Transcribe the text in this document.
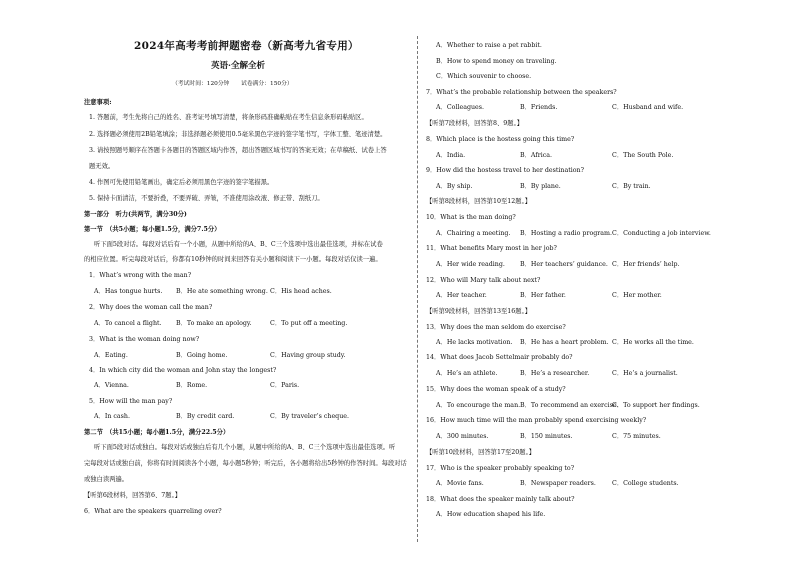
2024年高考考前押题密卷（新高考九省专用）
英语·全解全析
（考试时间：120分钟　　试卷满分：150分）
注意事项:
1. 答题前，考生先将自己的姓名、准考证号填写清楚，将条形码准确粘贴在考生信息条形码粘贴区。
2. 选择题必须使用2B铅笔填涂；非选择题必须使用0.5毫米黑色字迹的签字笔书写，字体工整、笔迹清楚。
3. 请按照题号顺序在答题卡各题目的答题区域内作答，超出答题区域书写的答案无效；在草稿纸、试卷上答
题无效。
4. 作图可先使用铅笔画出，确定后必须用黑色字迹的签字笔描黑。
5. 保持卡面清洁，不要折叠，不要弄破、弄皱，不准使用涂改液、修正带、刮纸刀。
第一部分　听力(共两节，满分30分)
第一节　（共5小题；每小题1.5分，满分7.5分）
听下面5段对话。每段对话后有一个小题，从题中所给的A、B、C三个选项中选出最佳选项，并标在试卷
的相应位置。听完每段对话后，你都有10秒钟的时间来回答有关小题和阅读下一小题。每段对话仅读一遍。
1．What’s wrong with the man?
A．Has tongue hurts. B．He ate something wrong. C．His head aches.
2．Why does the woman call the man?
A．To cancel a flight. B．To make an apology.	C．To put off a meeting.
3．What is the woman doing now?
A．Eating.	B．Going home.	C．Having group study.
4．In which city did the woman and John stay the longest?
A．Vienna.	B．Rome.	C．Paris.
5．How will the man pay?
A．In cash.	B．By credit card.	C．By traveler’s cheque.
第二节　（共15小题；每小题1.5分，满分22.5分）
听下面5段对话或独白。每段对话或独白后有几个小题，从题中所给的A、B、C三个选项中选出最佳选项。听
完每段对话或独白前，你将有时间阅读各个小题，每小题5秒钟；听完后，各小题将给出5秒钟的作答时间。每段对话
或独白读两遍。
【听第6段材料，回答第6、7题。】
6．What are the speakers quarreling over?
A．Whether to raise a pet rabbit.
B．How to spend money on traveling.
C．Which souvenir to choose.
7．What’s the probable relationship between the speakers?
A．Colleagues.	B．Friends.	C．Husband and wife.
【听第7段材料，回答第8、9题。】
8．Which place is the hostess going this time?
A．India.	B．Africa.	C．The South Pole.
9．How did the hostess travel to her destination?
A．By ship.	B．By plane.	C．By train.
【听第8段材料，回答第10至12题。】
10．What is the man doing?
A．Chairing a meeting. B．Hosting a radio program. C．Conducting a job interview.
11．What benefits Mary most in her job?
A．Her wide reading. B．Her teachers’ guidance. C．Her friends’ help.
12．Who will Mary talk about next?
A．Her teacher.	B．Her father.	C．Her mother.
【听第9段材料，回答第13至16题。】
13．Why does the man seldom do exercise?
A．He lacks motivation. B．He has a heart problem. C．He works all the time.
14．What does Jacob Settelmair probably do?
A．He’s an athlete.	B．He’s a researcher.	C．He’s a journalist.
15．Why does the woman speak of a study?
A．To encourage the man. B．To recommend an exercise.
C．To support her findings.
16．How much time will the man probably spend exercising weekly?
A．300 minutes.	B．150 minutes.	C．75 minutes.
【听第10段材料，回答第17至20题。】
17．Who is the speaker probably speaking to?
A．Movie fans.	B．Newspaper readers.	C．College students.
18．What does the speaker mainly talk about?
A．How education shaped his life.
